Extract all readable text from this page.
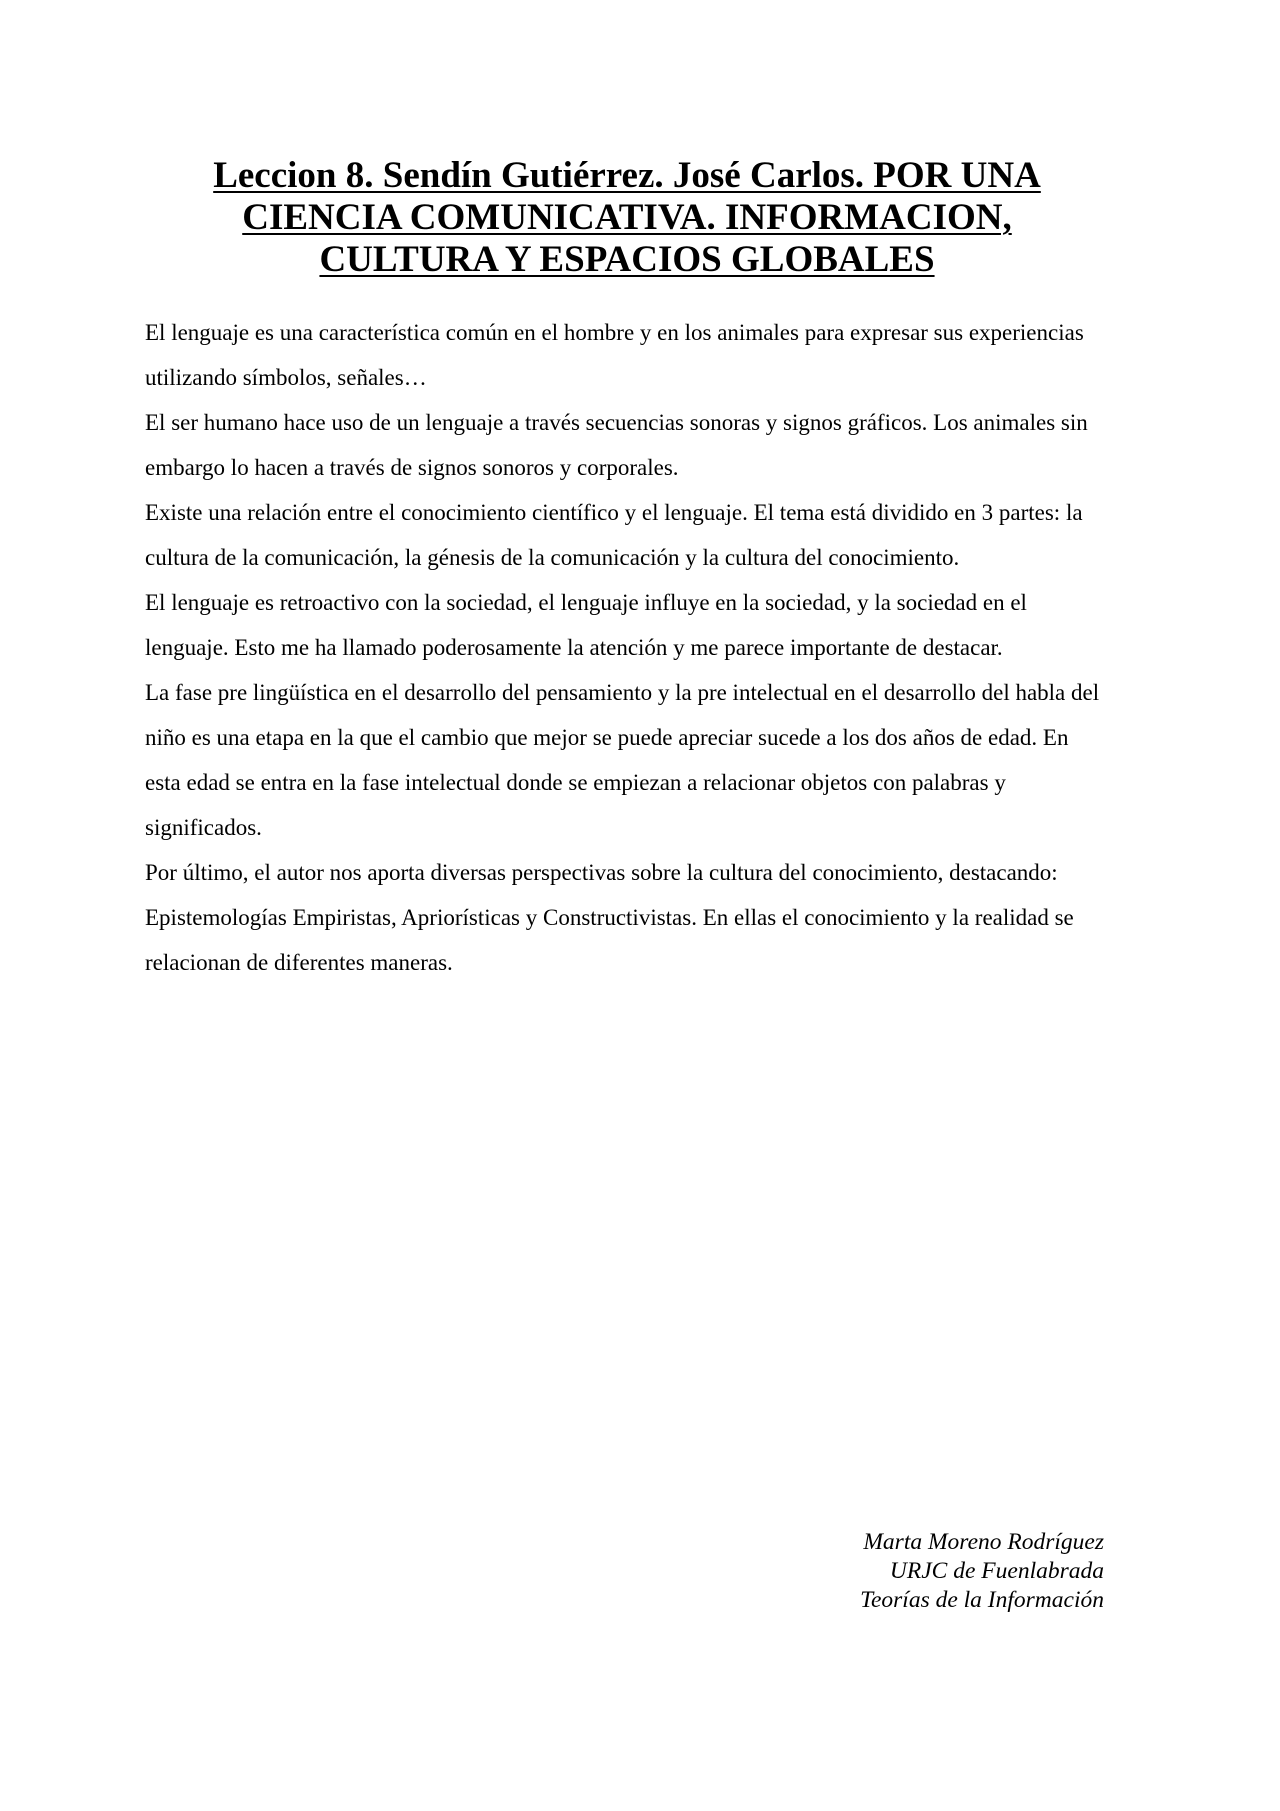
Leccion 8. Sendín Gutiérrez. José Carlos. POR UNA
CIENCIA COMUNICATIVA. INFORMACION,
CULTURA Y ESPACIOS GLOBALES

El lenguaje es una característica común en el hombre y en los animales para expresar sus experiencias utilizando símbolos, señales…

El ser humano hace uso de un lenguaje a través secuencias sonoras y signos gráficos. Los animales sin embargo lo hacen a través de signos sonoros y corporales.

Existe una relación entre el conocimiento científico y el lenguaje. El tema está dividido en 3 partes: la cultura de la comunicación, la génesis de la comunicación y la cultura del conocimiento.

El lenguaje es retroactivo con la sociedad, el lenguaje influye en la sociedad, y la sociedad en el lenguaje. Esto me ha llamado poderosamente la atención y me parece importante de destacar.

La fase pre lingüística en el desarrollo del pensamiento y la pre intelectual en el desarrollo del habla del niño es una etapa en la que el cambio que mejor se puede apreciar sucede a los dos años de edad. En esta edad se entra en la fase intelectual donde se empiezan a relacionar objetos con palabras y significados.

Por último, el autor nos aporta diversas perspectivas sobre la cultura del conocimiento, destacando: Epistemologías Empiristas, Apriorísticas y Constructivistas. En ellas el conocimiento y la realidad se relacionan de diferentes maneras.

Marta Moreno Rodríguez
URJC de Fuenlabrada
Teorías de la Información
